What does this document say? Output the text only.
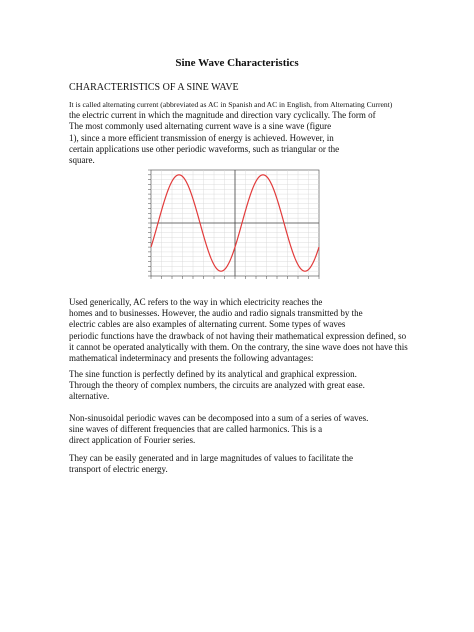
Sine Wave Characteristics
CHARACTERISTICS OF A SINE WAVE
It is called alternating current (abbreviated as AC in Spanish and AC in English, from Alternating Current)
the electric current in which the magnitude and direction vary cyclically. The form of
The most commonly used alternating current wave is a sine wave (figure
1), since a more efficient transmission of energy is achieved. However, in
certain applications use other periodic waveforms, such as triangular or the
square.
Used generically, AC refers to the way in which electricity reaches the
homes and to businesses. However, the audio and radio signals transmitted by the
electric cables are also examples of alternating current. Some types of waves
periodic functions have the drawback of not having their mathematical expression defined, so
it cannot be operated analytically with them. On the contrary, the sine wave does not have this
mathematical indeterminacy and presents the following advantages:
The sine function is perfectly defined by its analytical and graphical expression.
Through the theory of complex numbers, the circuits are analyzed with great ease.
alternative.
Non-sinusoidal periodic waves can be decomposed into a sum of a series of waves.
sine waves of different frequencies that are called harmonics. This is a
direct application of Fourier series.
They can be easily generated and in large magnitudes of values to facilitate the
transport of electric energy.
